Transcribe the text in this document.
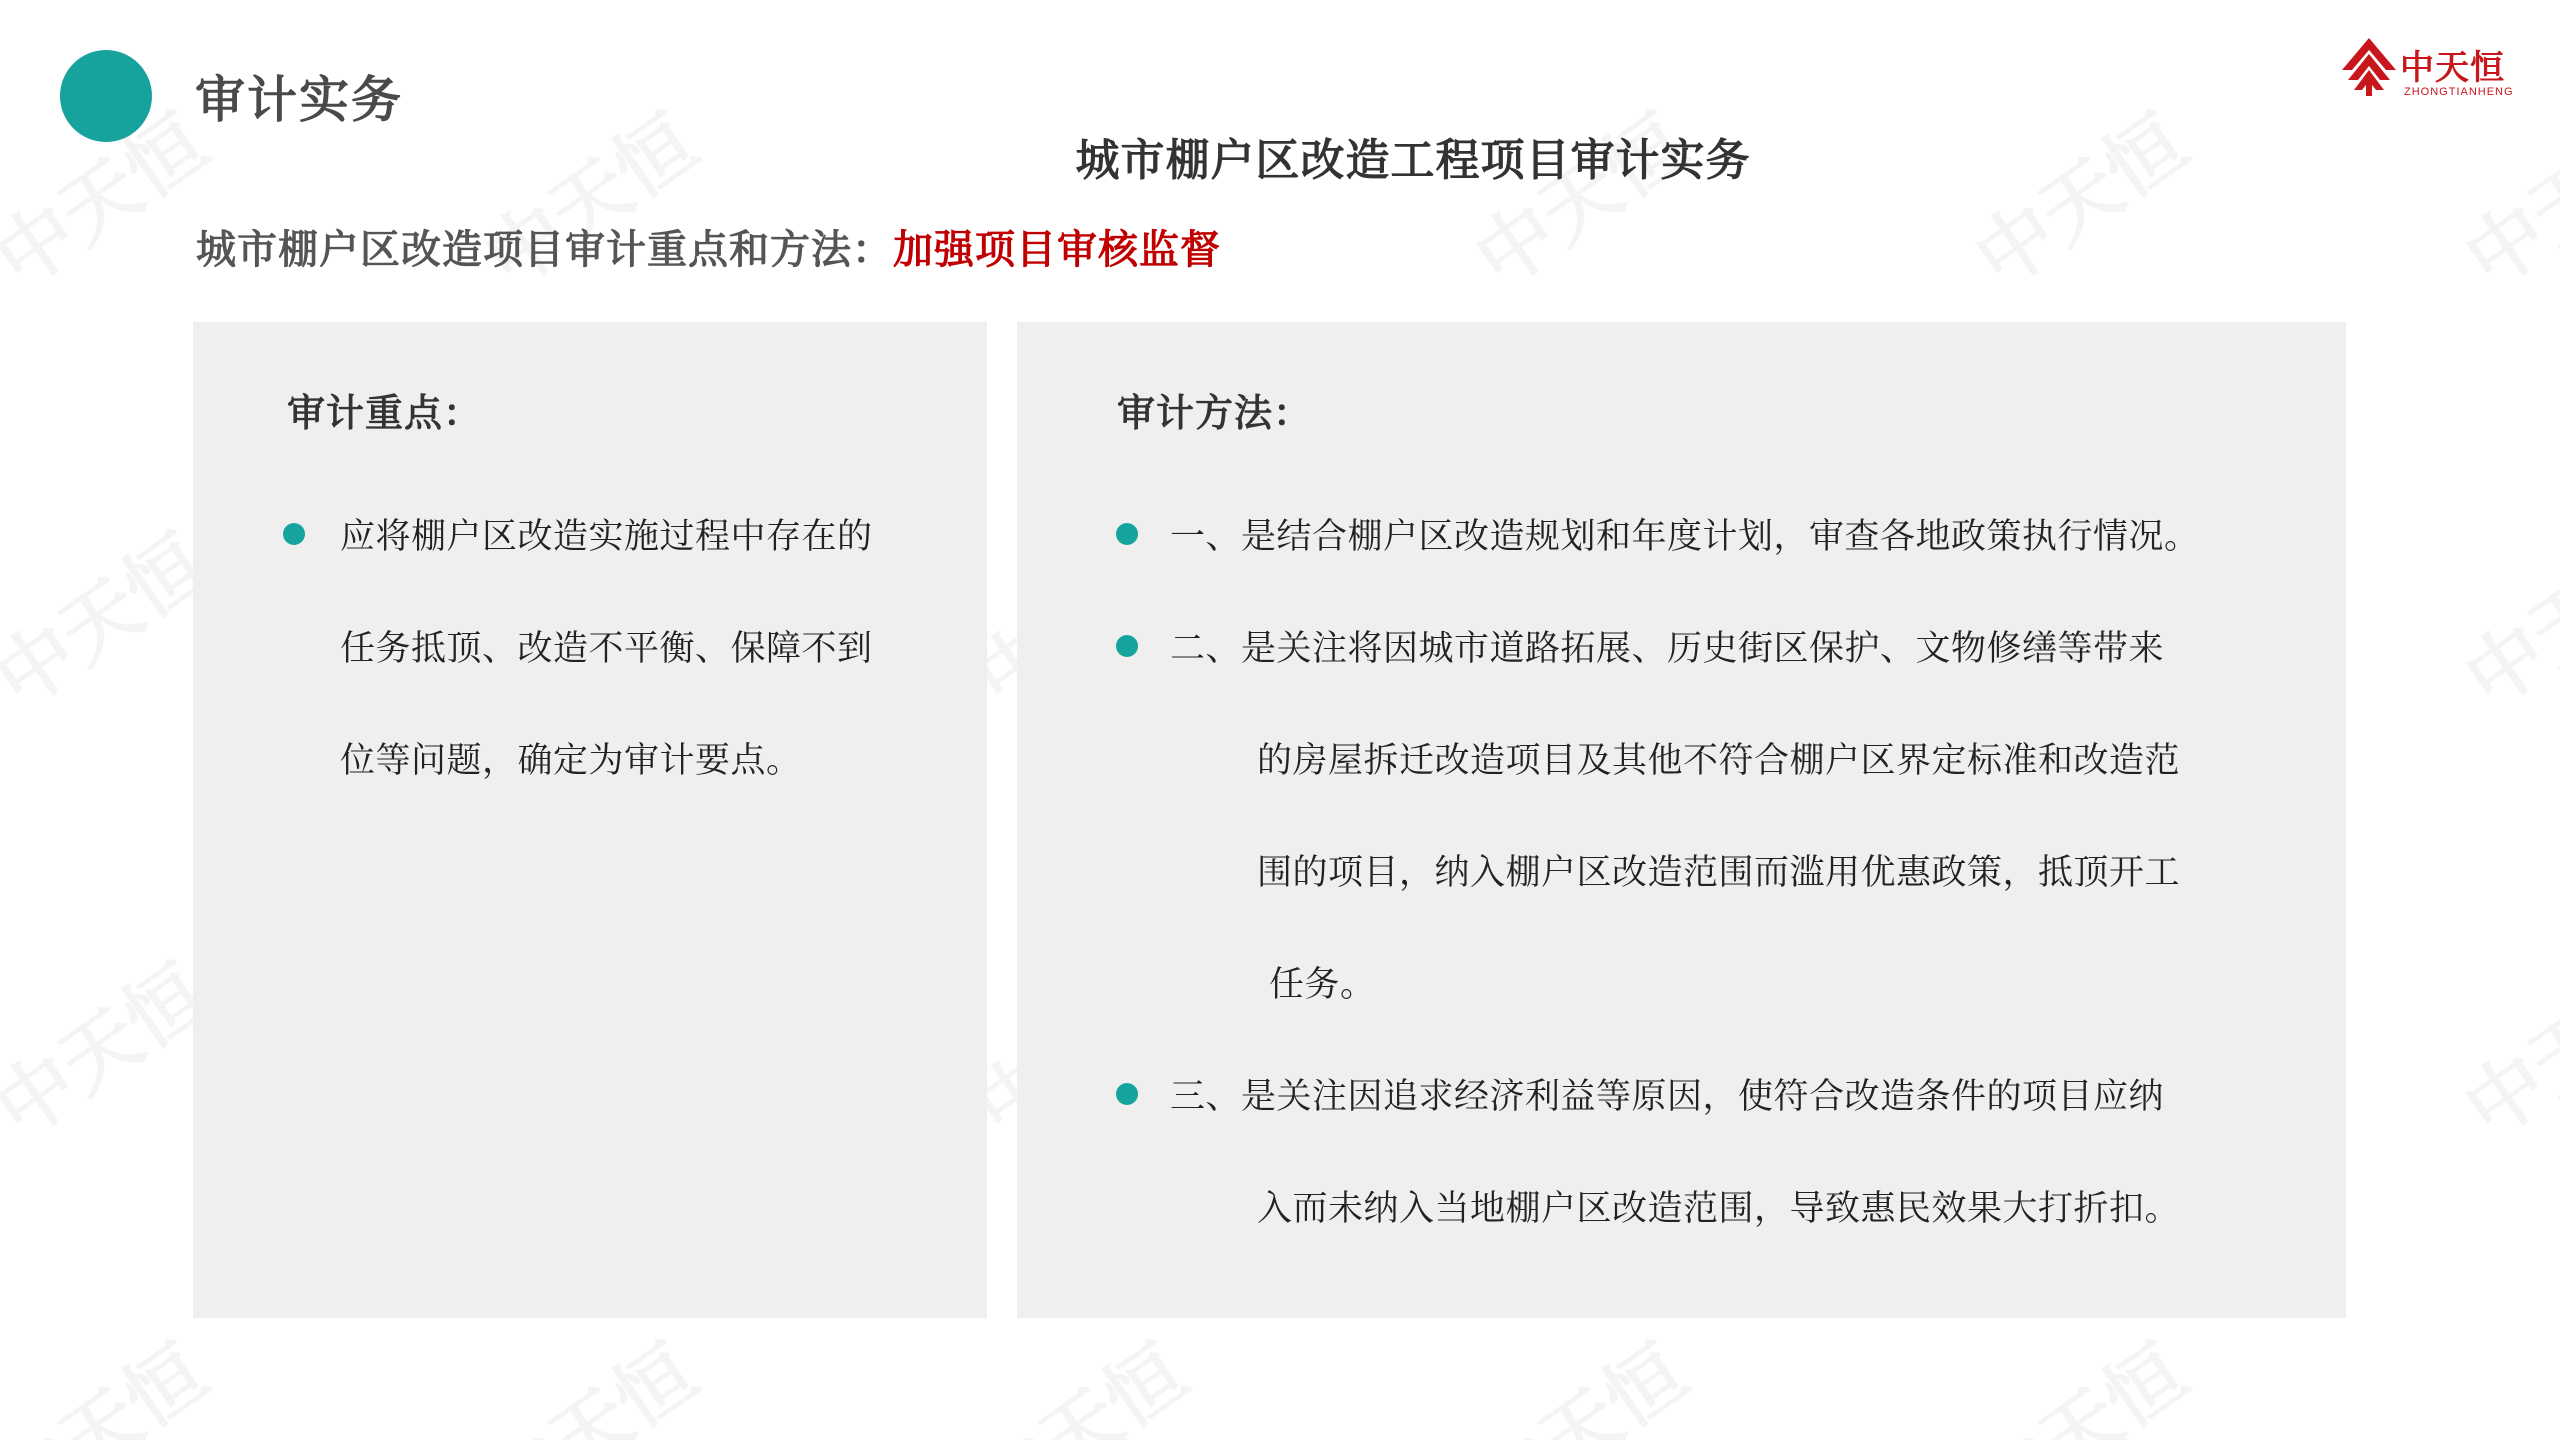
审计实务
中天恒
ZHONGTIANHENG
城市棚户区改造工程项目审计实务
城市棚户区改造项目审计重点和方法：加强项目审核监督
审计重点：
应将棚户区改造实施过程中存在的
任务抵顶、改造不平衡、保障不到
位等问题，确定为审计要点。
审计方法：
一、是结合棚户区改造规划和年度计划，审查各地政策执行情况。
二、是关注将因城市道路拓展、历史街区保护、文物修缮等带来
的房屋拆迁改造项目及其他不符合棚户区界定标准和改造范
围的项目，纳入棚户区改造范围而滥用优惠政策，抵顶开工
任务。
三、是关注因追求经济利益等原因，使符合改造条件的项目应纳
入而未纳入当地棚户区改造范围，导致惠民效果大打折扣。
